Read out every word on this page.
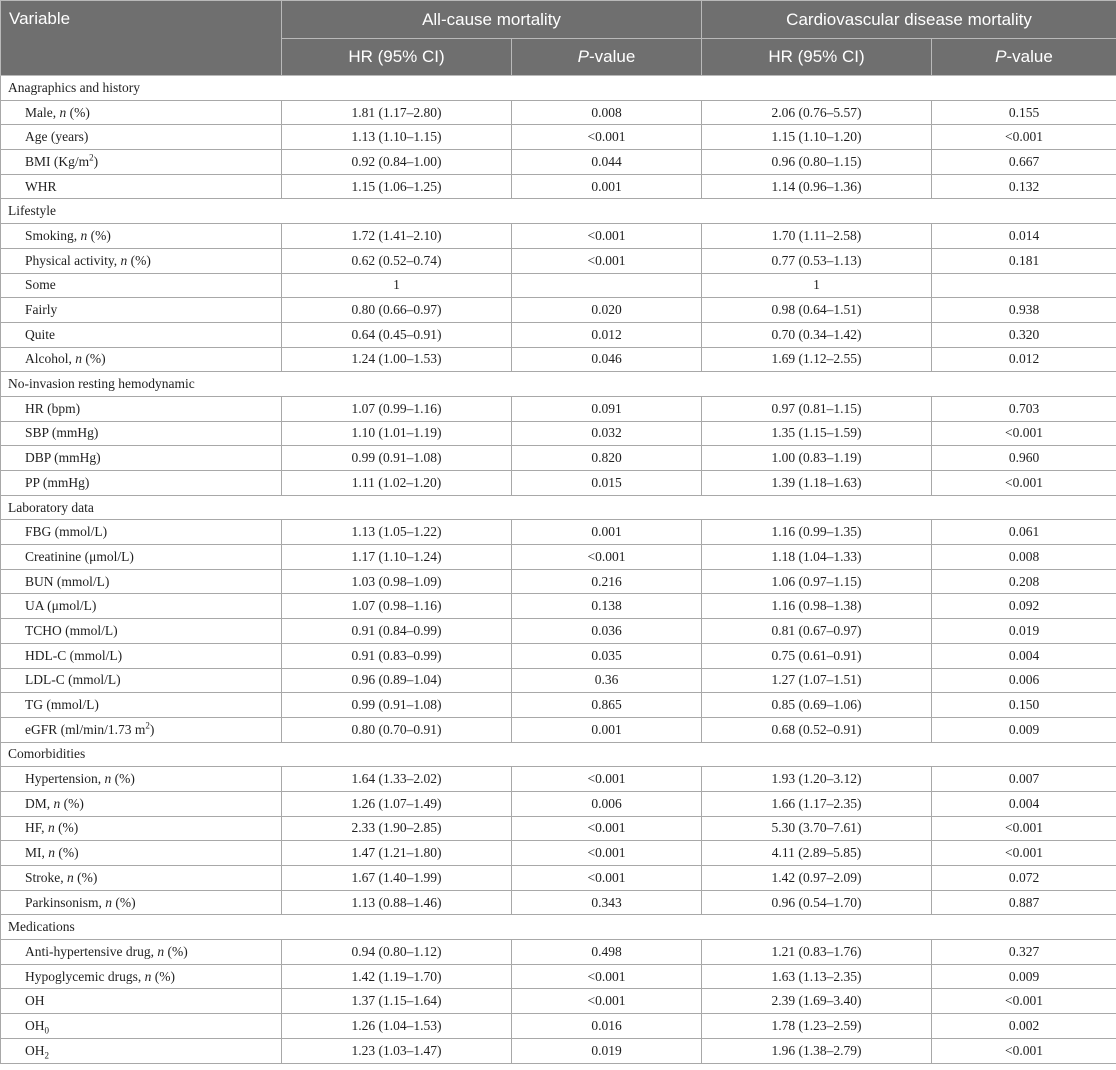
Variable	All-cause mortality		Cardiovascular disease mortality	
	HR (95% CI)	P-value	HR (95% CI)	P-value
Anagraphics and history				
Male, n (%)	1.81 (1.17–2.80)	0.008	2.06 (0.76–5.57)	0.155
Age (years)	1.13 (1.10–1.15)	<0.001	1.15 (1.10–1.20)	<0.001
BMI $(Kg/m^2)$	0.92 (0.84–1.00)	0.044	0.96 (0.80–1.15)	0.667
WHR	1.15 (1.06–1.25)	0.001	1.14 (0.96–1.36)	0.132
Lifestyle				
Smoking, n (%)	1.72 (1.41–2.10)	<0.001	1.70 (1.11–2.58)	0.014
Physical activity, n (%)	0.62 (0.52–0.74)	<0.001	0.77 (0.53–1.13)	0.181
Some	1		1	
Fairly	0.80 (0.66–0.97)	0.020	0.98 (0.64–1.51)	0.938
Quite	0.64 (0.45–0.91)	0.012	0.70 (0.34–1.42)	0.320
Alcohol, n (%)	1.24 (1.00–1.53)	0.046	1.69 (1.12–2.55)	0.012
No-invasion resting hemodynamic				
HR (bpm)	1.07 (0.99–1.16)	0.091	0.97 (0.81–1.15)	0.703
SBP (mmHg)	1.10 (1.01–1.19)	0.032	1.35 (1.15–1.59)	<0.001
DBP (mmHg)	0.99 (0.91–1.08)	0.820	1.00 (0.83–1.19)	0.960
PP (mmHg)	1.11 (1.02–1.20)	0.015	1.39 (1.18–1.63)	<0.001
Laboratory data				
FBG (mmol/L)	1.13 (1.05–1.22)	0.001	1.16 (0.99–1.35)	0.061
Creatinine (μmol/L)	1.17 (1.10–1.24)	<0.001	1.18 (1.04–1.33)	0.008
BUN (mmol/L)	1.03 (0.98–1.09)	0.216	1.06 (0.97–1.15)	0.208
UA (μmol/L)	1.07 (0.98–1.16)	0.138	1.16 (0.98–1.38)	0.092
TCHO (mmol/L)	0.91 (0.84–0.99)	0.036	0.81 (0.67–0.97)	0.019
HDL-C (mmol/L)	0.91 (0.83–0.99)	0.035	0.75 (0.61–0.91)	0.004
LDL-C (mmol/L)	0.96 (0.89–1.04)	0.36	1.27 (1.07–1.51)	0.006
TG (mmol/L)	0.99 (0.91–1.08)	0.865	0.85 (0.69–1.06)	0.150
eGFR (ml/min/1.73 $m^2$)	0.80 (0.70–0.91)	0.001	0.68 (0.52–0.91)	0.009
Comorbidities				
Hypertension, n (%)	1.64 (1.33–2.02)	<0.001	1.93 (1.20–3.12)	0.007
DM, n (%)	1.26 (1.07–1.49)	0.006	1.66 (1.17–2.35)	0.004
HF, n (%)	2.33 (1.90–2.85)	<0.001	5.30 (3.70–7.61)	<0.001
MI, n (%)	1.47 (1.21–1.80)	<0.001	4.11 (2.89–5.85)	<0.001
Stroke, n (%)	1.67 (1.40–1.99)	<0.001	1.42 (0.97–2.09)	0.072
Parkinsonism, n (%)	1.13 (0.88–1.46)	0.343	0.96 (0.54–1.70)	0.887
Medications				
Anti-hypertensive drug, n (%)	0.94 (0.80–1.12)	0.498	1.21 (0.83–1.76)	0.327
Hypoglycemic drugs, n (%)	1.42 (1.19–1.70)	<0.001	1.63 (1.13–2.35)	0.009
OH	1.37 (1.15–1.64)	<0.001	2.39 (1.69–3.40)	<0.001
$OH_0$	1.26 (1.04–1.53)	0.016	1.78 (1.23–2.59)	0.002
$OH_2$	1.23 (1.03–1.47)	0.019	1.96 (1.38–2.79)	<0.001
